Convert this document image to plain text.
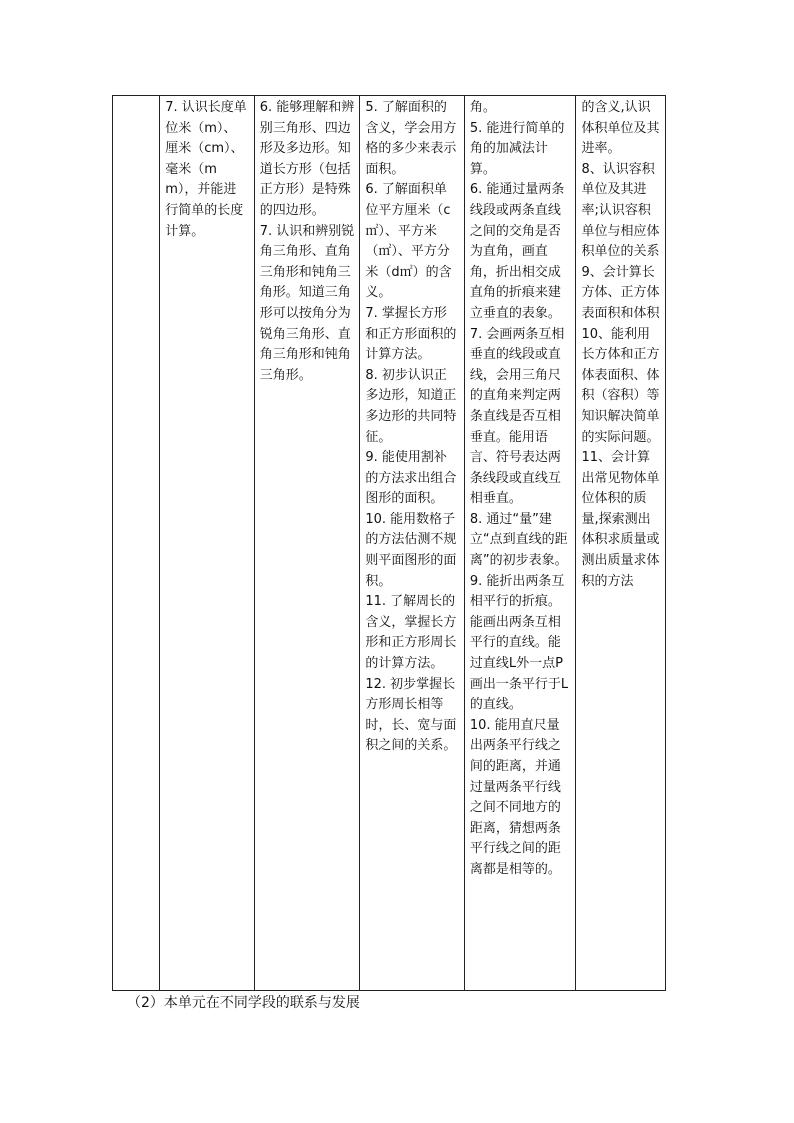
7. 认识长度单位米（m）、厘米（cm）、毫米（mm），并能进行简单的长度计算。

6. 能够理解和辨别三角形、四边形及多边形。知道长方形（包括正方形）是特殊的四边形。
7. 认识和辨别锐角三角形、直角三角形和钝角三角形。知道三角形可以按角分为锐角三角形、直角三角形和钝角三角形。

5. 了解面积的含义，学会用方格的多少来表示面积。
6. 了解面积单位平方厘米（c㎡）、平方米（㎡）、平方分米（d㎡）的含义。
7. 掌握长方形和正方形面积的计算方法。
8. 初步认识正多边形，知道正多边形的共同特征。
9. 能使用割补的方法求出组合图形的面积。
10. 能用数格子的方法估测不规则平面图形的面积。
11. 了解周长的含义，掌握长方形和正方形周长的计算方法。
12. 初步掌握长方形周长相等时，长、宽与面积之间的关系。

角。
5. 能进行简单的角的加减法计算。
6. 能通过量两条线段或两条直线之间的交角是否为直角，画直角，折出相交成直角的折痕来建立垂直的表象。
7. 会画两条互相垂直的线段或直线，会用三角尺的直角来判定两条直线是否互相垂直。能用语言、符号表达两条线段或直线互相垂直。
8. 通过“量”建立“点到直线的距离”的初步表象。
9. 能折出两条互相平行的折痕。能画出两条互相平行的直线。能过直线L外一点P画出一条平行于L的直线。
10. 能用直尺量出两条平行线之间的距离，并通过量两条平行线之间不同地方的距离，猜想两条平行线之间的距离都是相等的。

的含义,认识体积单位及其进率。
8、认识容积单位及其进率;认识容积单位与相应体积单位的关系
9、会计算长方体、正方体表面积和体积
10、能利用长方体和正方体表面积、体积（容积）等知识解决简单的实际问题。
11、会计算出常见物体单位体积的质量,探索测出体积求质量或测出质量求体积的方法
（2）本单元在不同学段的联系与发展
